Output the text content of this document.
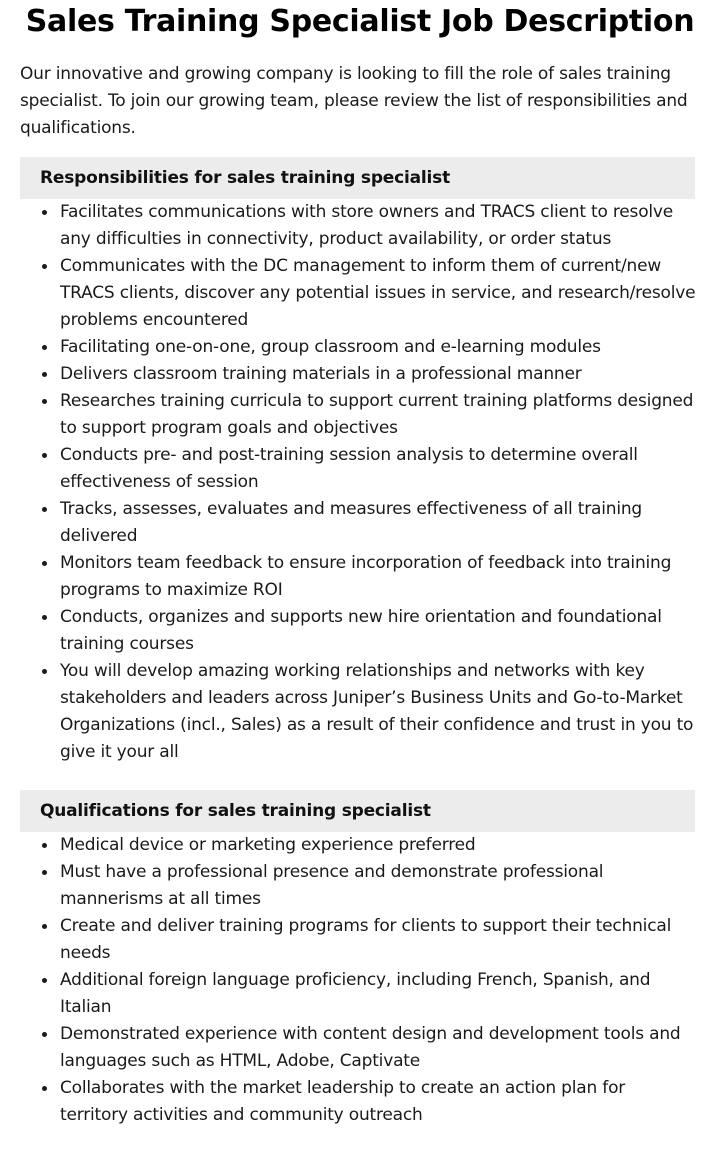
Sales Training Specialist Job Description

Our innovative and growing company is looking to fill the role of sales training specialist. To join our growing team, please review the list of responsibilities and qualifications.

Responsibilities for sales training specialist
Facilitates communications with store owners and TRACS client to resolve any difficulties in connectivity, product availability, or order status
Communicates with the DC management to inform them of current/new TRACS clients, discover any potential issues in service, and research/resolve problems encountered
Facilitating one-on-one, group classroom and e-learning modules
Delivers classroom training materials in a professional manner
Researches training curricula to support current training platforms designed to support program goals and objectives
Conducts pre- and post-training session analysis to determine overall effectiveness of session
Tracks, assesses, evaluates and measures effectiveness of all training delivered
Monitors team feedback to ensure incorporation of feedback into training programs to maximize ROI
Conducts, organizes and supports new hire orientation and foundational training courses
You will develop amazing working relationships and networks with key stakeholders and leaders across Juniper’s Business Units and Go-to-Market Organizations (incl., Sales) as a result of their confidence and trust in you to give it your all
Qualifications for sales training specialist
Medical device or marketing experience preferred
Must have a professional presence and demonstrate professional mannerisms at all times
Create and deliver training programs for clients to support their technical needs
Additional foreign language proficiency, including French, Spanish, and Italian
Demonstrated experience with content design and development tools and languages such as HTML, Adobe, Captivate
Collaborates with the market leadership to create an action plan for territory activities and community outreach
